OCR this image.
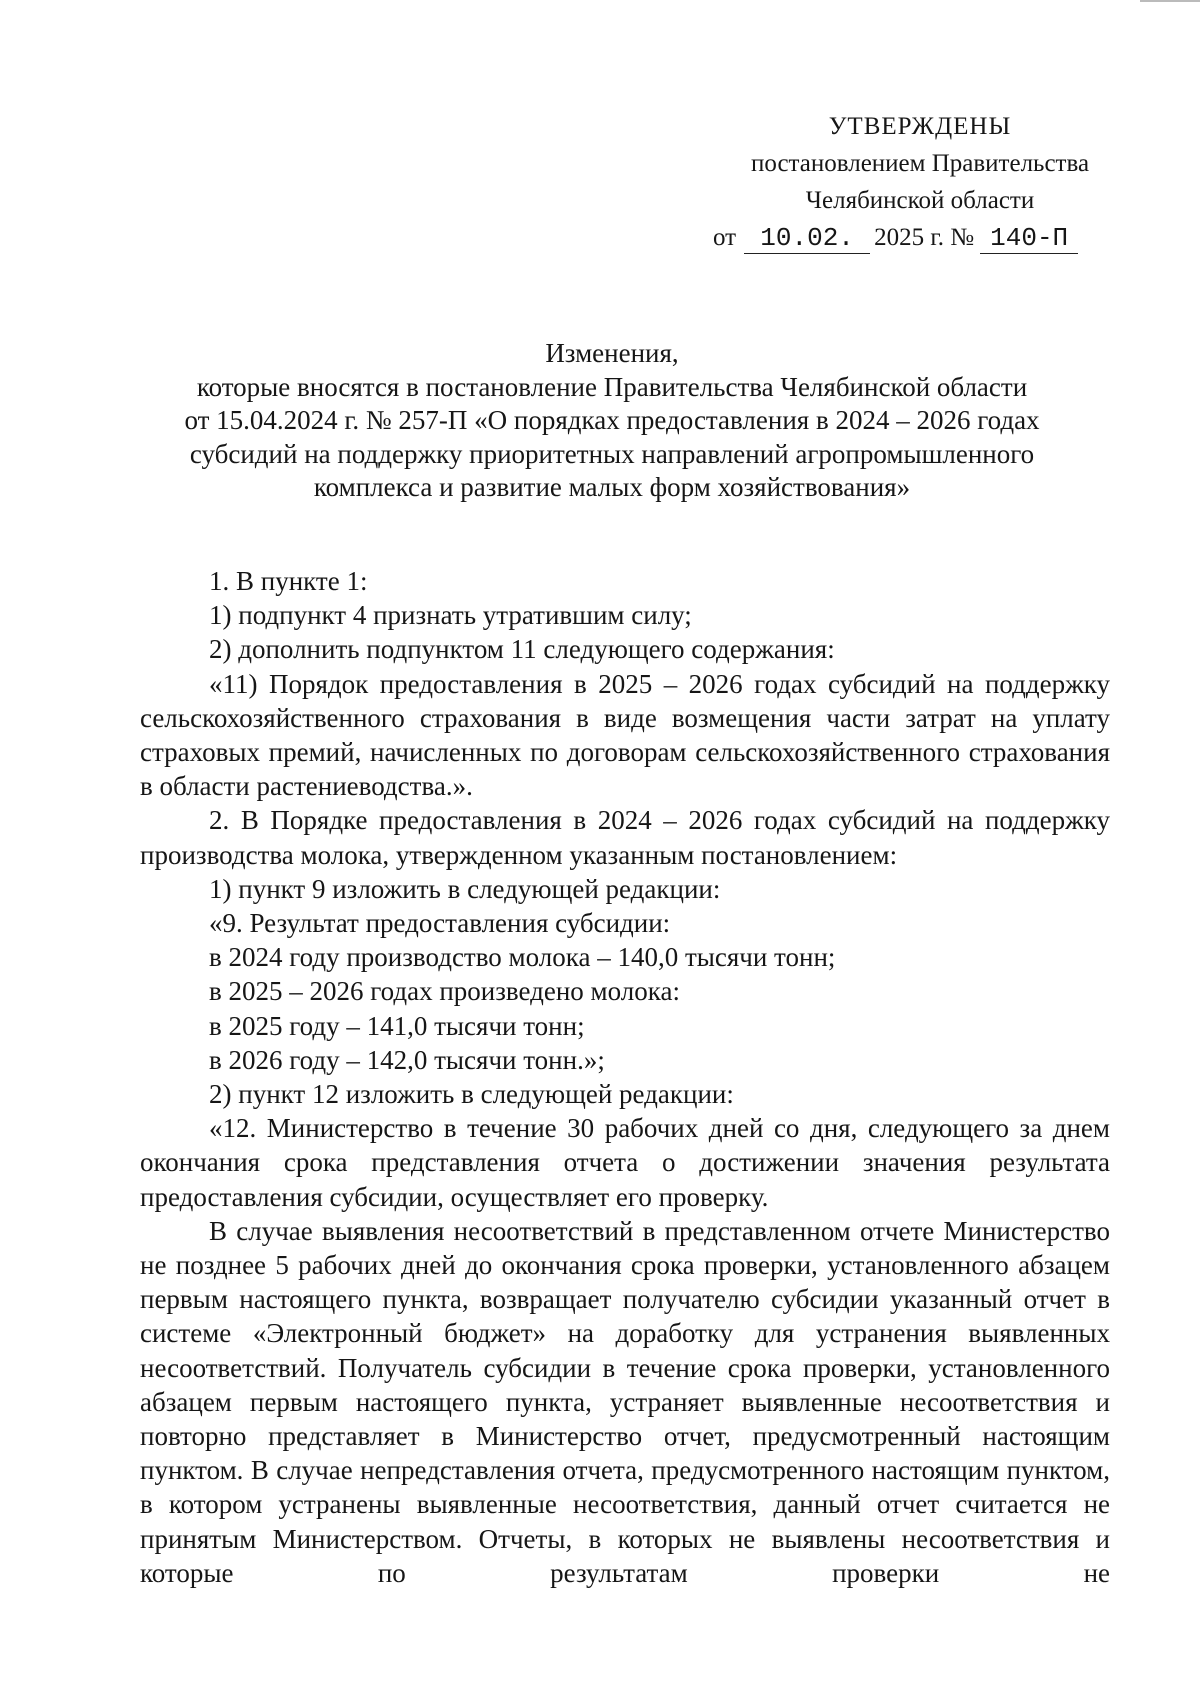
УТВЕРЖДЕНЫ
постановлением Правительства
Челябинской области
от 10.02. 2025 г. № 140-П
Изменения,
которые вносятся в постановление Правительства Челябинской области
от 15.04.2024 г. № 257-П «О порядках предоставления в 2024 – 2026 годах
субсидий на поддержку приоритетных направлений агропромышленного
комплекса и развитие малых форм хозяйствования»

1. В пункте 1:

1) подпункт 4 признать утратившим силу;

2) дополнить подпунктом 11 следующего содержания:

«11) Порядок предоставления в 2025 – 2026 годах субсидий на поддержку сельскохозяйственного страхования в виде возмещения части затрат на уплату страховых премий, начисленных по договорам сельскохозяйственного страхования в области растениеводства.».

2. В Порядке предоставления в 2024 – 2026 годах субсидий на поддержку производства молока, утвержденном указанным постановлением:

1) пункт 9 изложить в следующей редакции:

«9. Результат предоставления субсидии:

в 2024 году производство молока – 140,0 тысячи тонн;

в 2025 – 2026 годах произведено молока:

в 2025 году – 141,0 тысячи тонн;

в 2026 году – 142,0 тысячи тонн.»;

2) пункт 12 изложить в следующей редакции:

«12. Министерство в течение 30 рабочих дней со дня, следующего за днем окончания срока представления отчета о достижении значения результата предоставления субсидии, осуществляет его проверку.

В случае выявления несоответствий в представленном отчете Министерство не позднее 5 рабочих дней до окончания срока проверки, установленного абзацем первым настоящего пункта, возвращает получателю субсидии указанный отчет в системе «Электронный бюджет» на доработку для устранения выявленных несоответствий. Получатель субсидии в течение срока проверки, установленного абзацем первым настоящего пункта, устраняет выявленные несоответствия и повторно представляет в Министерство отчет, предусмотренный настоящим пунктом. В случае непредставления отчета, предусмотренного настоящим пунктом, в котором устранены выявленные несоответствия, данный отчет считается не принятым Министерством. Отчеты, в которых не выявлены несоответствия и которые по результатам проверки не
